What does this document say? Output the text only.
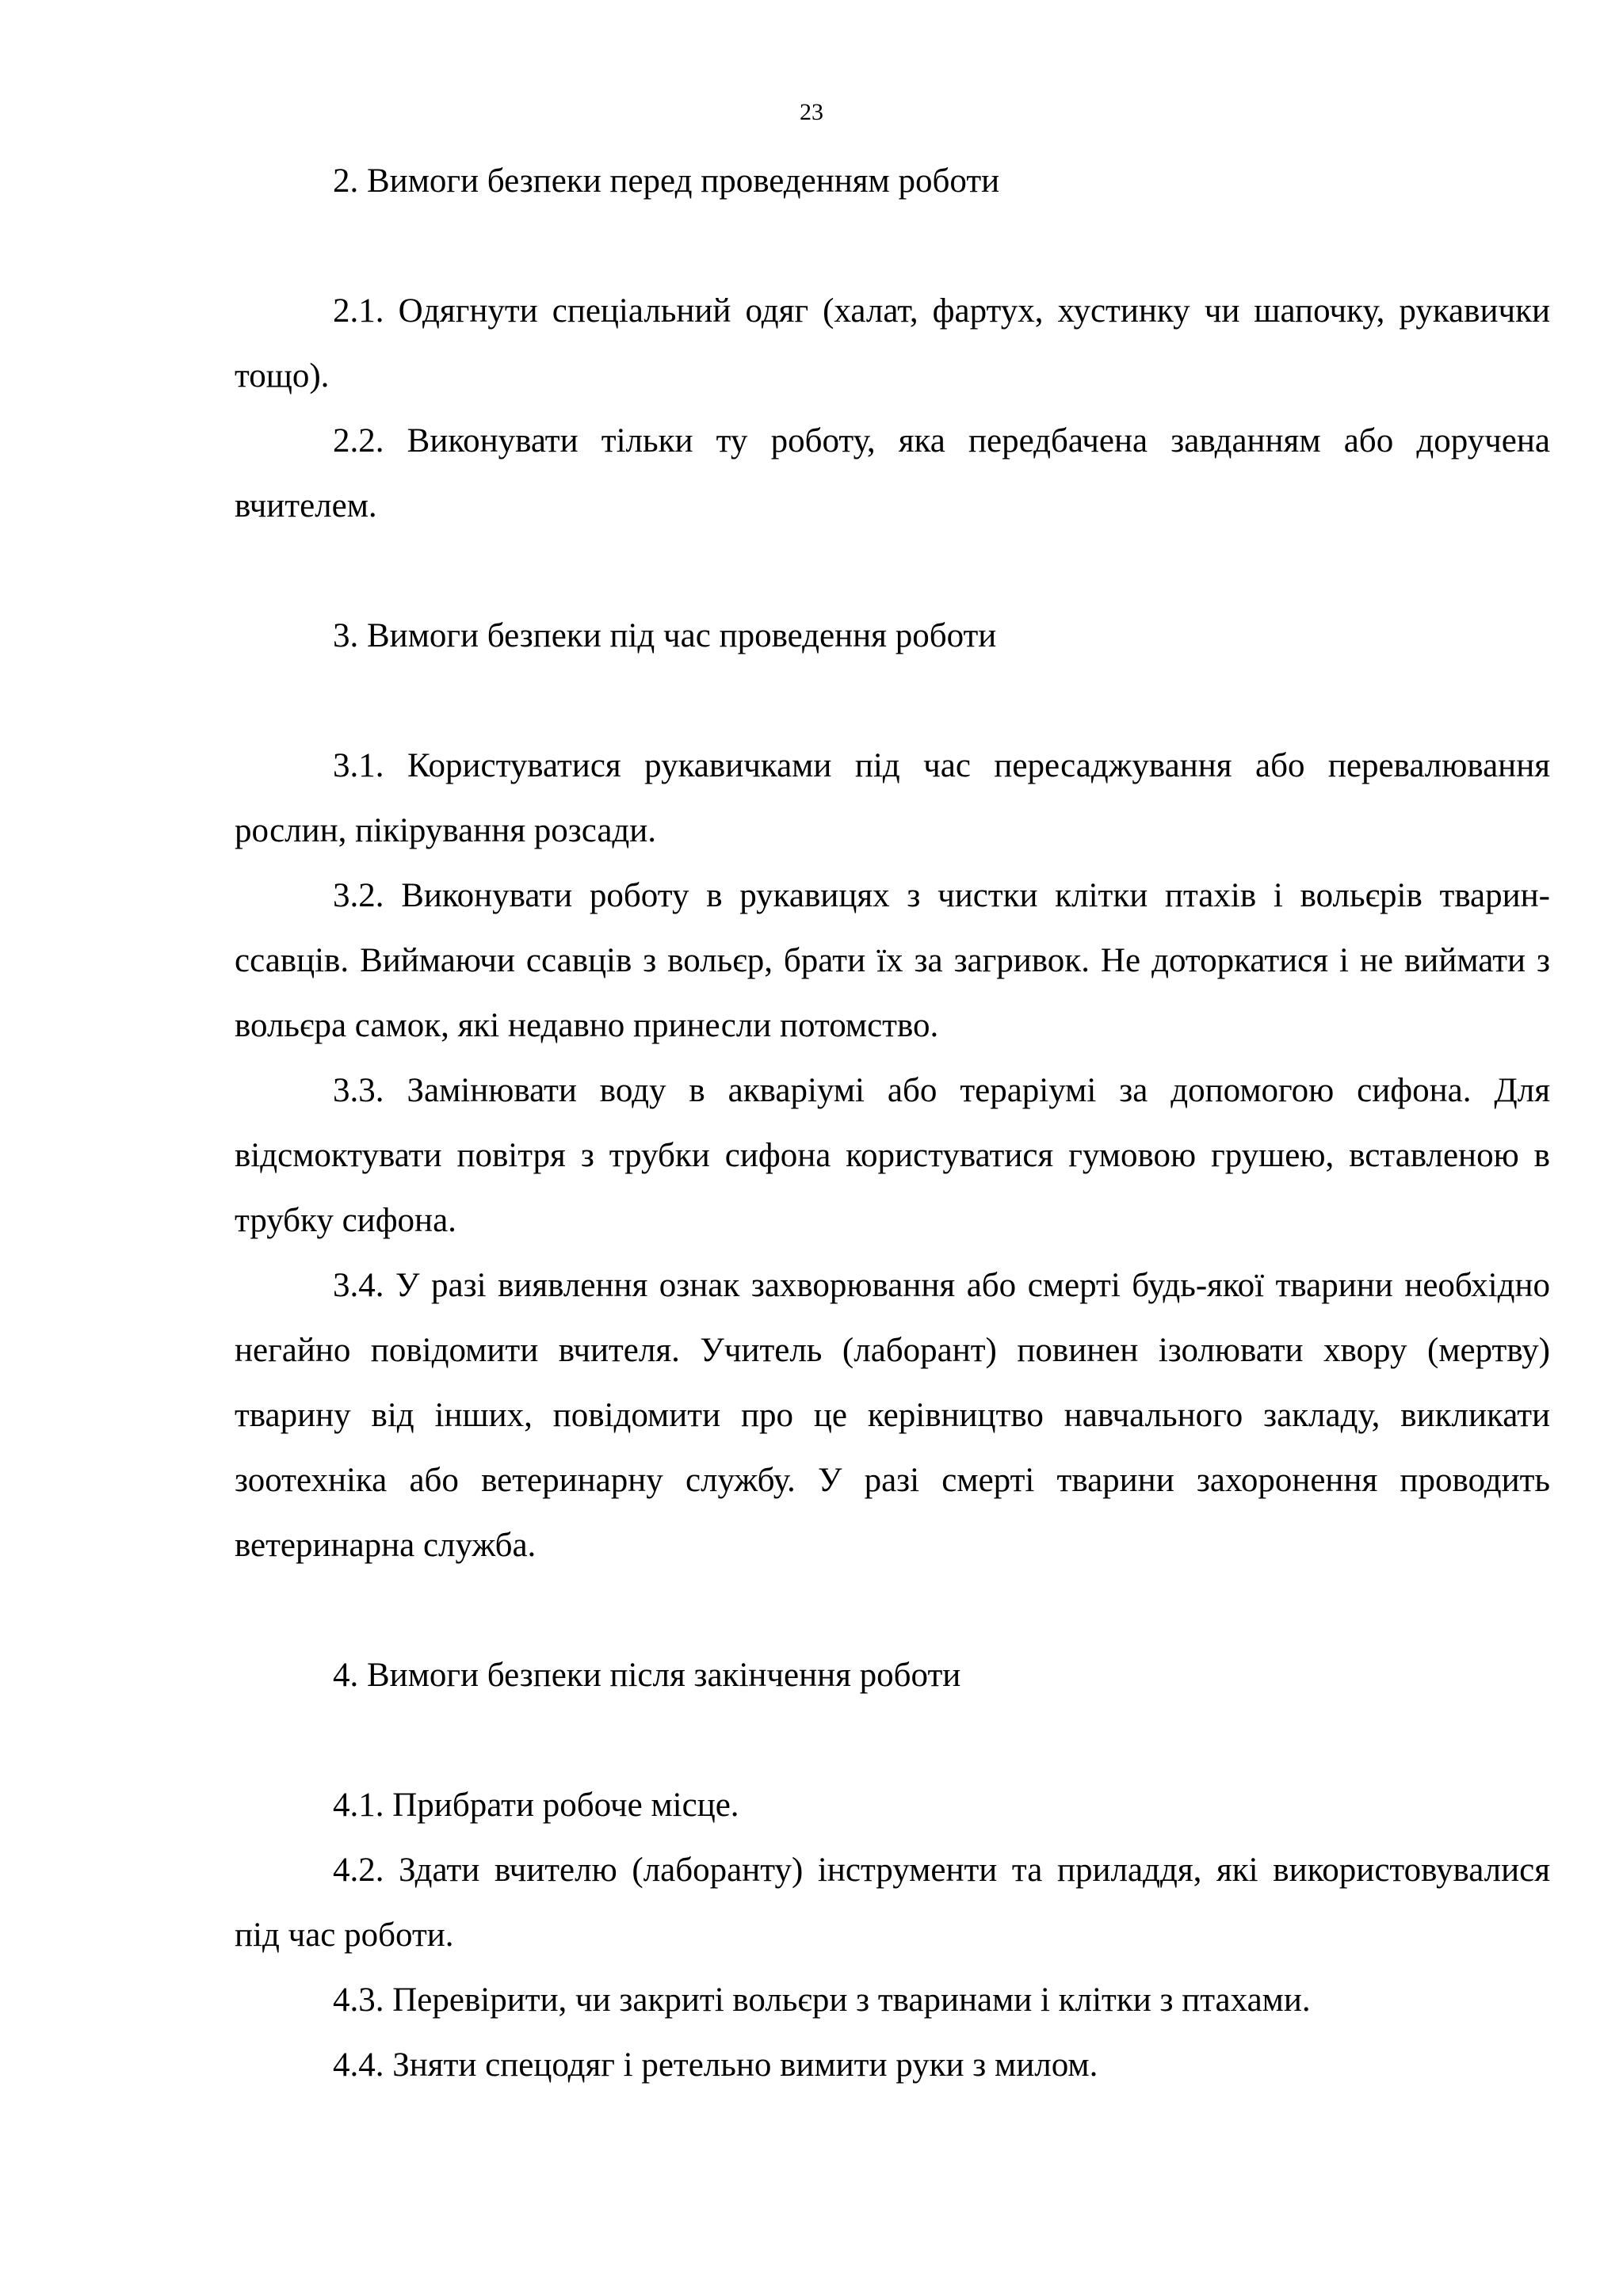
23

2. Вимоги безпеки перед проведенням роботи

2.1. Одягнути спеціальний одяг (халат, фартух, хустинку чи шапочку, рукавички тощо).

2.2. Виконувати тільки ту роботу, яка передбачена завданням або доручена вчителем.

3. Вимоги безпеки під час проведення роботи

3.1. Користуватися рукавичками під час пересаджування або перевалювання рослин, пікірування розсади.

3.2. Виконувати роботу в рукавицях з чистки клітки птахів і вольєрів тварин-ссавців. Виймаючи ссавців з вольєр, брати їх за загривок. Не доторкатися і не виймати з вольєра самок, які недавно принесли потомство.

3.3. Замінювати воду в акваріумі або тераріумі за допомогою сифона. Для відсмоктувати повітря з трубки сифона користуватися гумовою грушею, вставленою в трубку сифона.

3.4. У разі виявлення ознак захворювання або смерті будь-якої тварини необхідно негайно повідомити вчителя. Учитель (лаборант) повинен ізолювати хвору (мертву) тварину від інших, повідомити про це керівництво навчального закладу, викликати зоотехніка або ветеринарну службу. У разі смерті тварини захоронення проводить ветеринарна служба.

4. Вимоги безпеки після закінчення роботи

4.1. Прибрати робоче місце.

4.2. Здати вчителю (лаборанту) інструменти та приладдя, які використовувалися під час роботи.

4.3. Перевірити, чи закриті вольєри з тваринами і клітки з птахами.

4.4. Зняти спецодяг і ретельно вимити руки з милом.
